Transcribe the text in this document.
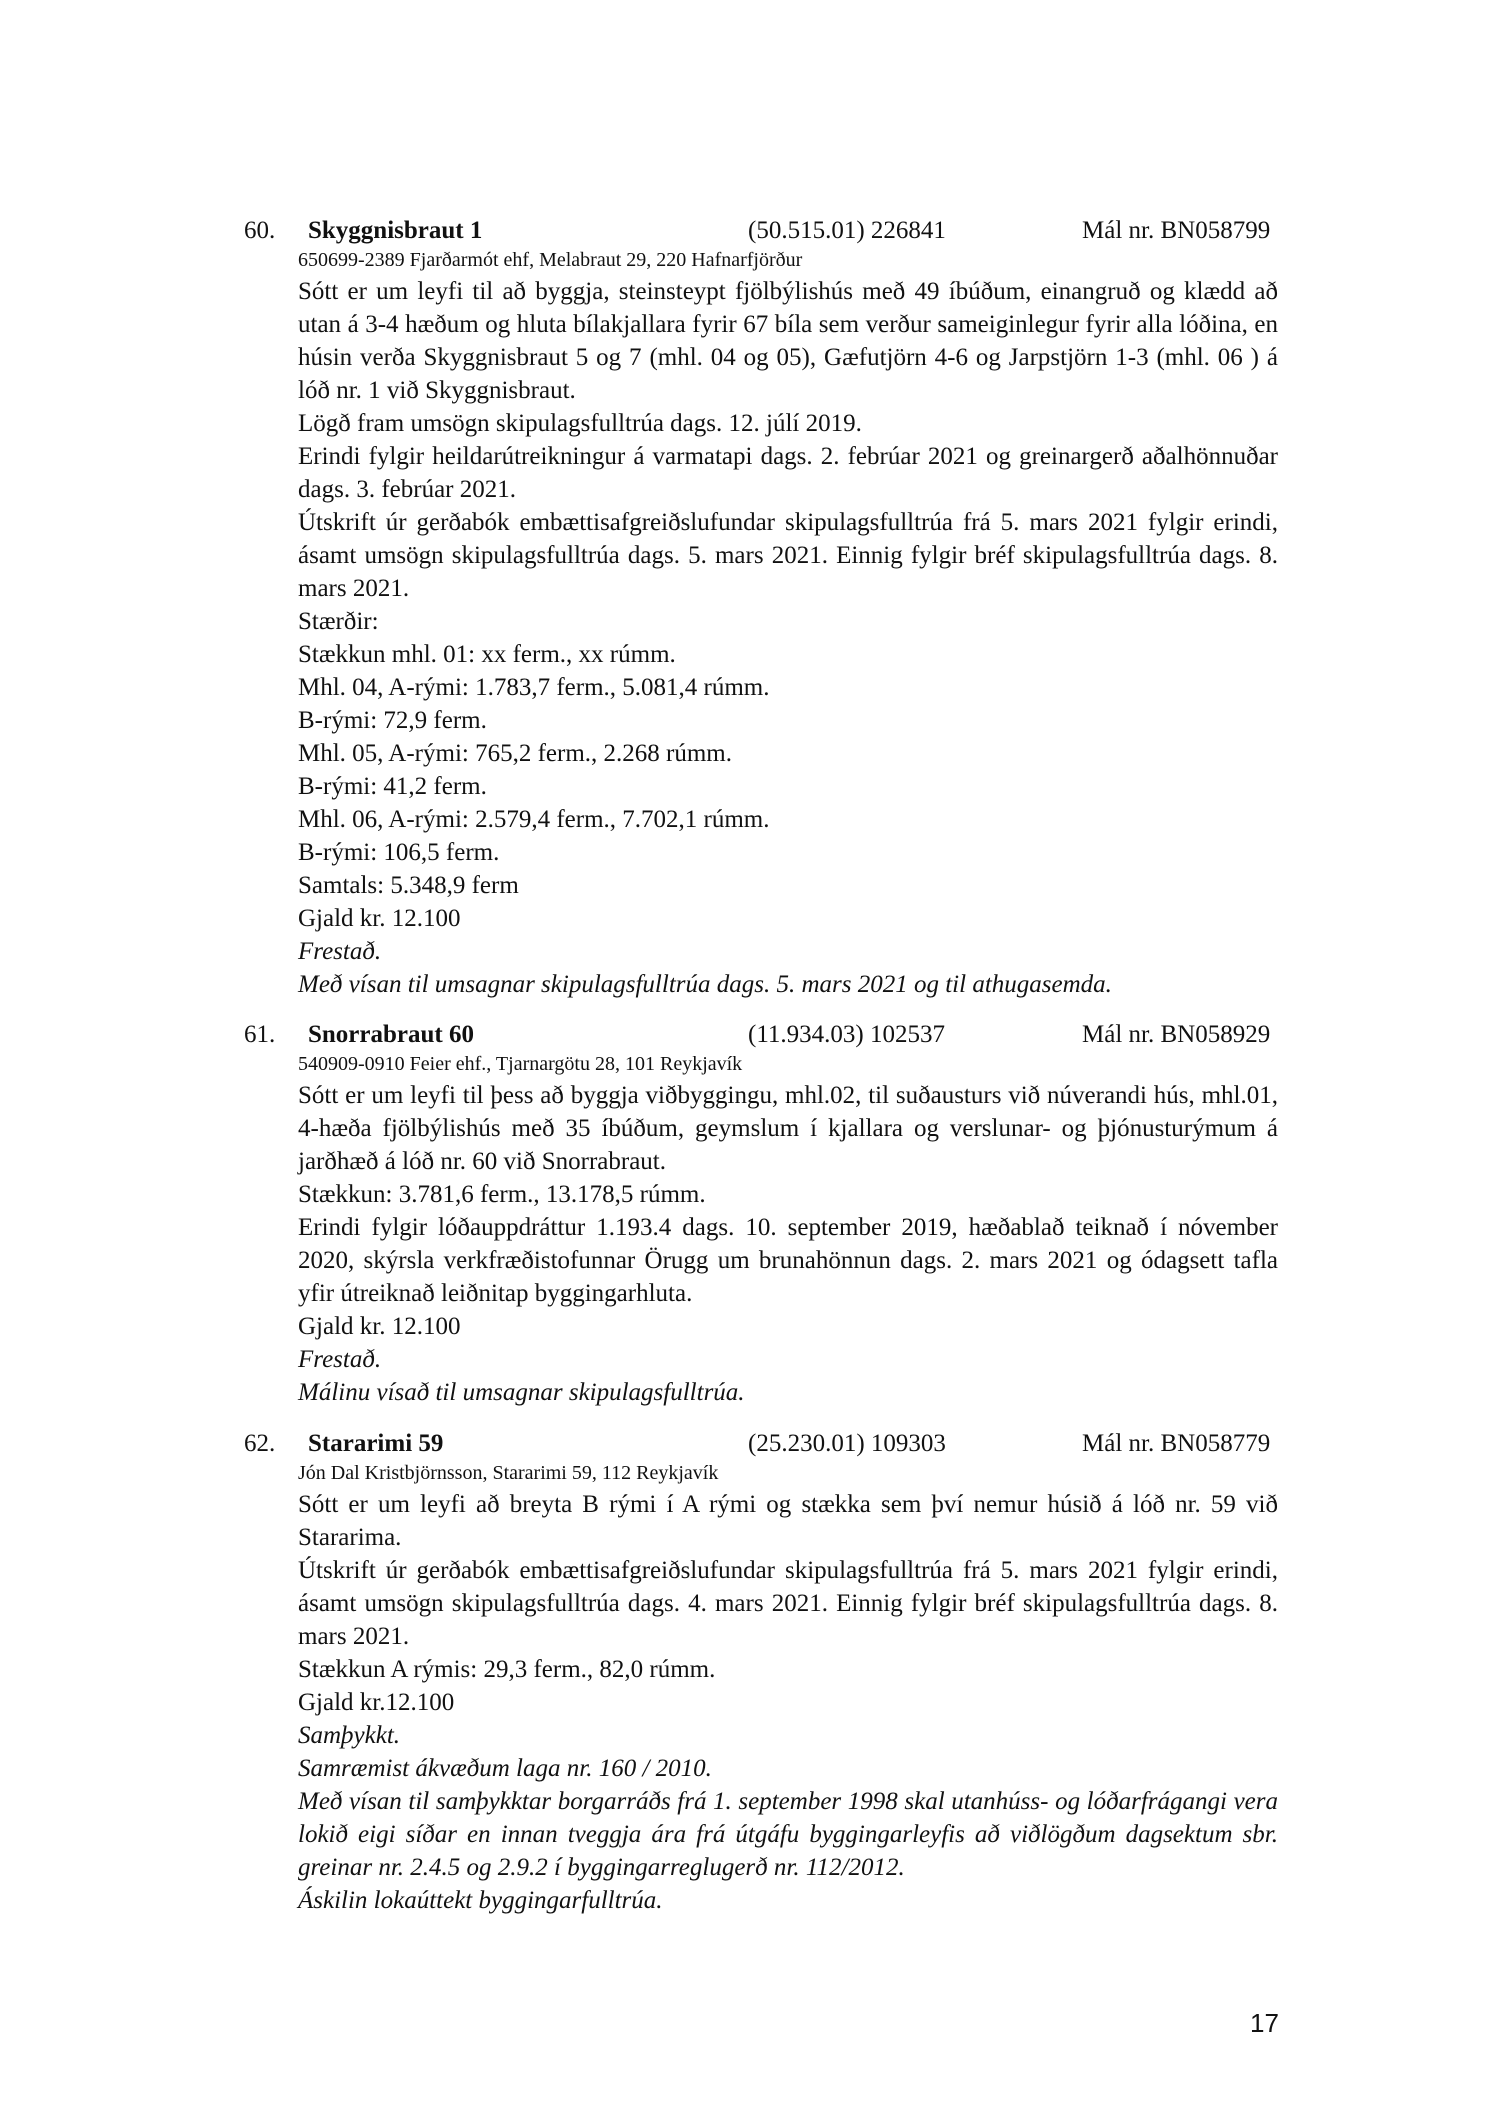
60. Skyggnisbraut 1	(50.515.01) 226841	Mál nr. BN058799
650699-2389 Fjarðarmót ehf, Melabraut 29, 220 Hafnarfjörður

Sótt er um leyfi til að byggja, steinsteypt fjölbýlishús með 49 íbúðum, einangruð og klædd að utan á 3-4 hæðum og hluta bílakjallara fyrir 67 bíla sem verður sameiginlegur fyrir alla lóðina, en húsin verða Skyggnisbraut 5 og 7 (mhl. 04 og 05), Gæfutjörn 4-6 og Jarpstjörn 1-3 (mhl. 06 ) á lóð nr. 1 við Skyggnisbraut.

Lögð fram umsögn skipulagsfulltrúa dags. 12. júlí 2019.

Erindi fylgir heildarútreikningur á varmatapi dags. 2. febrúar 2021 og greinargerð aðalhönnuðar dags. 3. febrúar 2021.

Útskrift úr gerðabók embættisafgreiðslufundar skipulagsfulltrúa frá 5. mars 2021 fylgir erindi, ásamt umsögn skipulagsfulltrúa dags. 5. mars 2021. Einnig fylgir bréf skipulagsfulltrúa dags. 8. mars 2021.

Stærðir:

Stækkun mhl. 01: xx ferm., xx rúmm.

Mhl. 04, A-rými: 1.783,7 ferm., 5.081,4 rúmm.

B-rými: 72,9 ferm.

Mhl. 05, A-rými: 765,2 ferm., 2.268 rúmm.

B-rými: 41,2 ferm.

Mhl. 06, A-rými: 2.579,4 ferm., 7.702,1 rúmm.

B-rými: 106,5 ferm.

Samtals: 5.348,9 ferm

Gjald kr. 12.100

Frestað.

Með vísan til umsagnar skipulagsfulltrúa dags. 5. mars 2021 og til athugasemda.

61. Snorrabraut 60	(11.934.03) 102537	Mál nr. BN058929
540909-0910 Feier ehf., Tjarnargötu 28, 101 Reykjavík

Sótt er um leyfi til þess að byggja viðbyggingu, mhl.02, til suðausturs við núverandi hús, mhl.01, 4-hæða fjölbýlishús með 35 íbúðum, geymslum í kjallara og verslunar- og þjónusturýmum á jarðhæð á lóð nr. 60 við Snorrabraut.

Stækkun: 3.781,6 ferm., 13.178,5 rúmm.

Erindi fylgir lóðauppdráttur 1.193.4 dags. 10. september 2019, hæðablað teiknað í nóvember 2020, skýrsla verkfræðistofunnar Örugg um brunahönnun dags. 2. mars 2021 og ódagsett tafla yfir útreiknað leiðnitap byggingarhluta.

Gjald kr. 12.100

Frestað.

Málinu vísað til umsagnar skipulagsfulltrúa.

62. Stararimi 59	(25.230.01) 109303	Mál nr. BN058779
Jón Dal Kristbjörnsson, Stararimi 59, 112 Reykjavík

Sótt er um leyfi að breyta B rými í A rými og stækka sem því nemur húsið á lóð nr. 59 við Stararima.

Útskrift úr gerðabók embættisafgreiðslufundar skipulagsfulltrúa frá 5. mars 2021 fylgir erindi, ásamt umsögn skipulagsfulltrúa dags. 4. mars 2021. Einnig fylgir bréf skipulagsfulltrúa dags. 8. mars 2021.

Stækkun A rýmis: 29,3 ferm., 82,0 rúmm.

Gjald kr.12.100

Samþykkt.

Samræmist ákvæðum laga nr. 160 / 2010.

Með vísan til samþykktar borgarráðs frá 1. september 1998 skal utanhúss- og lóðarfrágangi vera lokið eigi síðar en innan tveggja ára frá útgáfu byggingarleyfis að viðlögðum dagsektum sbr. greinar nr. 2.4.5 og 2.9.2 í byggingarreglugerð nr. 112/2012.

Áskilin lokaúttekt byggingarfulltrúa.

17
